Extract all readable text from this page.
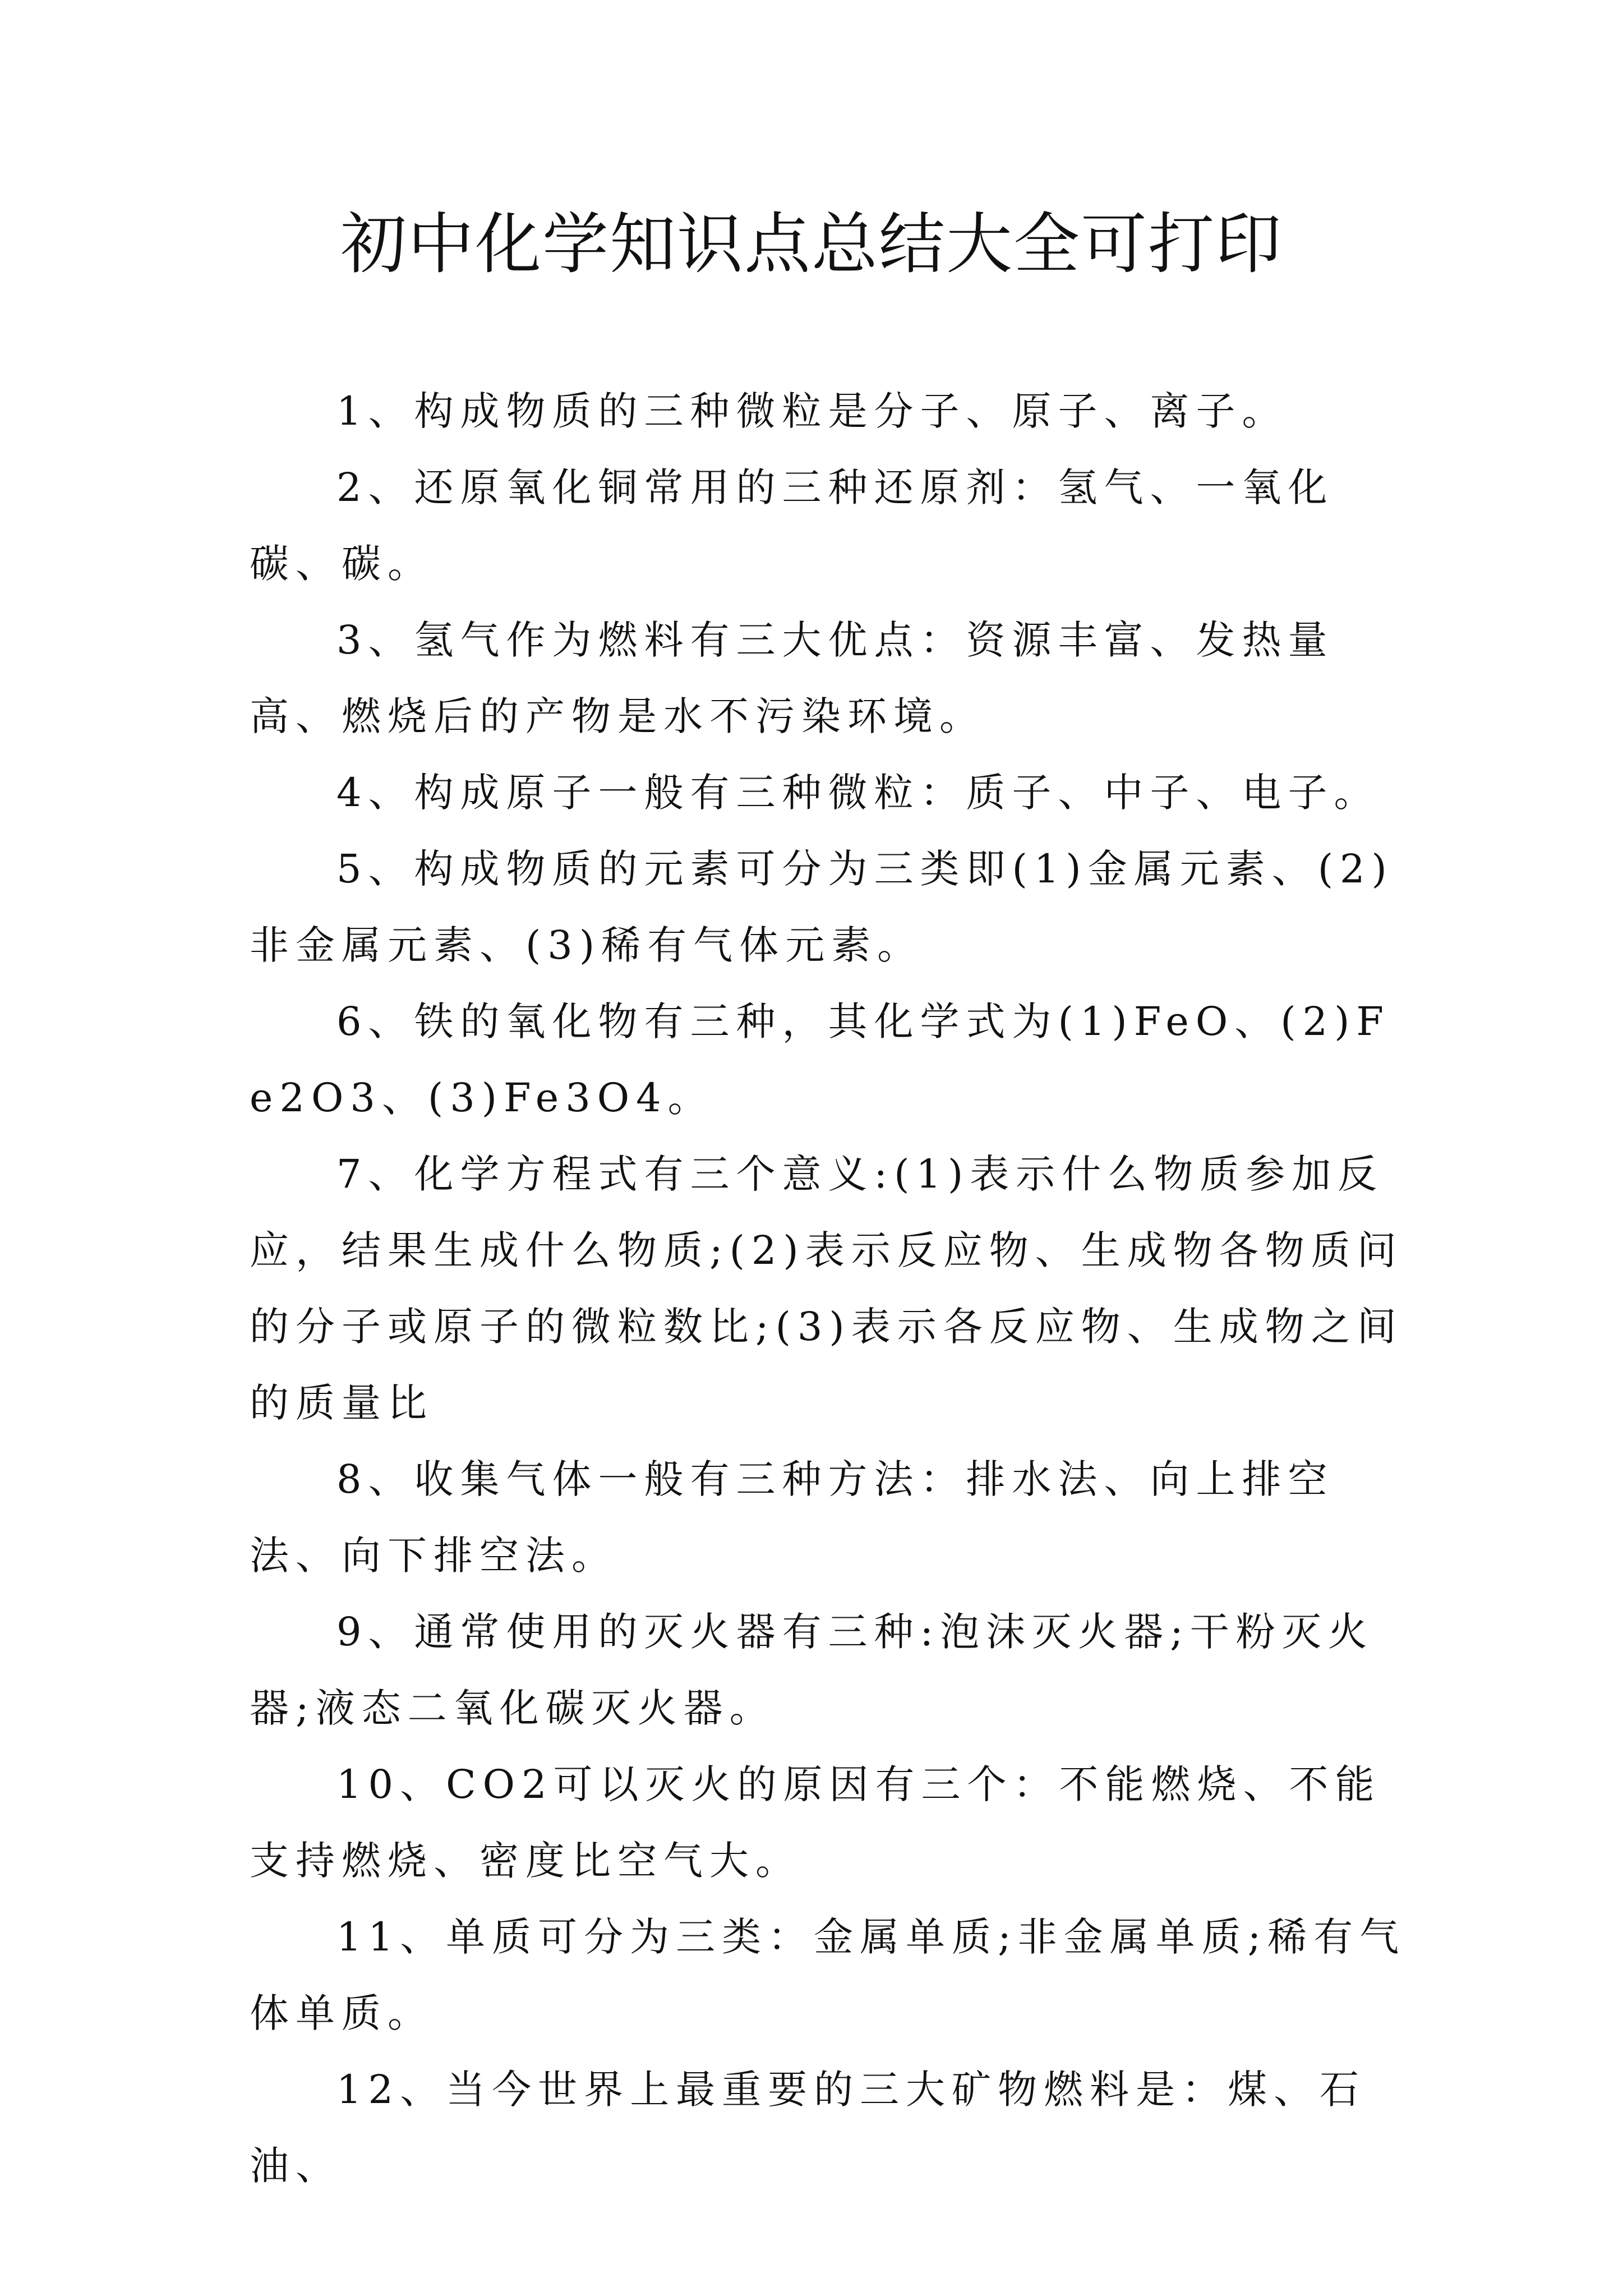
初中化学知识点总结大全可打印

1、构成物质的三种微粒是分子、原子、离子。

2、还原氧化铜常用的三种还原剂：氢气、一氧化碳、碳。

3、氢气作为燃料有三大优点：资源丰富、发热量高、燃烧后的产物是水不污染环境。

4、构成原子一般有三种微粒：质子、中子、电子。

5、构成物质的元素可分为三类即(1)金属元素、(2)非金属元素、(3)稀有气体元素。

6、铁的氧化物有三种，其化学式为(1)FeO、(2)Fe2O3、(3)Fe3O4。

7、化学方程式有三个意义:(1)表示什么物质参加反应，结果生成什么物质;(2)表示反应物、生成物各物质问的分子或原子的微粒数比;(3)表示各反应物、生成物之间的质量比

8、收集气体一般有三种方法：排水法、向上排空法、向下排空法。

9、通常使用的灭火器有三种:泡沫灭火器;干粉灭火器;液态二氧化碳灭火器。

10、CO2可以灭火的原因有三个：不能燃烧、不能支持燃烧、密度比空气大。

11、单质可分为三类：金属单质;非金属单质;稀有气体单质。

12、当今世界上最重要的三大矿物燃料是：煤、石油、
